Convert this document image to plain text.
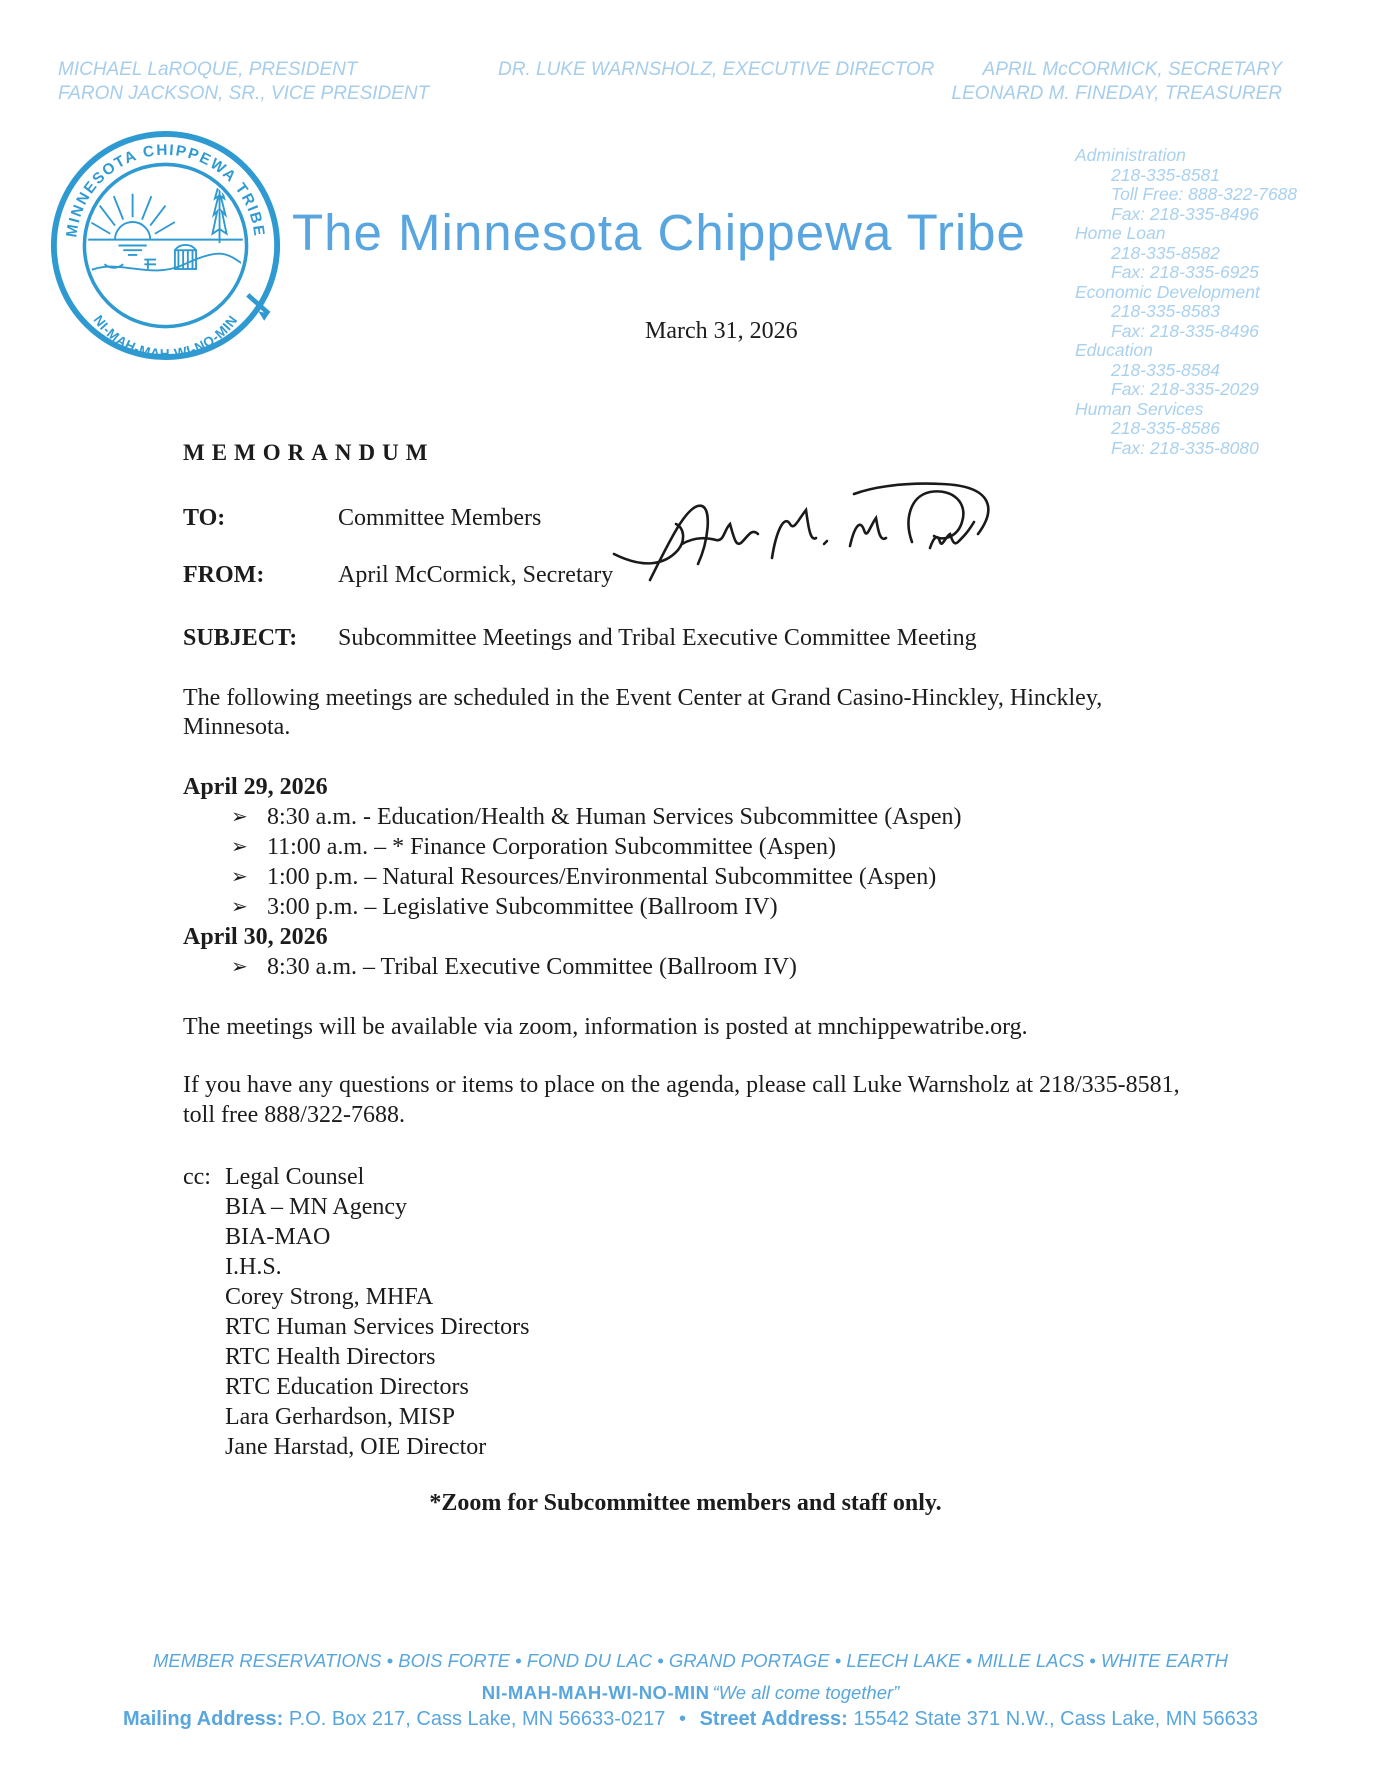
MICHAEL LaROQUE, PRESIDENT
FARON JACKSON, SR., VICE PRESIDENT
DR. LUKE WARNSHOLZ, EXECUTIVE DIRECTOR	APRIL McCORMICK, SECRETARY
LEONARD M. FINEDAY, TREASURER
MINNESOTA CHIPPEWA TRIBE
NI-MAH-MAH-WI-NO-MIN
The Minnesota Chippewa Tribe
March 31, 2026
Administration
218-335-8581
Toll Free: 888-322-7688
Fax: 218-335-8496
Home Loan
218-335-8582
Fax: 218-335-6925
Economic Development
218-335-8583
Fax: 218-335-8496
Education
218-335-8584
Fax: 218-335-2029
Human Services
218-335-8586
Fax: 218-335-8080
MEMORANDUM
TO:	Committee Members
FROM:	April McCormick, Secretary
SUBJECT:	Subcommittee Meetings and Tribal Executive Committee Meeting
The following meetings are scheduled in the Event Center at Grand Casino-Hinckley, Hinckley, Minnesota.
April 29, 2026
➢ 8:30 a.m. - Education/Health & Human Services Subcommittee (Aspen)
➢ 11:00 a.m. – * Finance Corporation Subcommittee (Aspen)
➢ 1:00 p.m. – Natural Resources/Environmental Subcommittee (Aspen)
➢ 3:00 p.m. – Legislative Subcommittee (Ballroom IV)
April 30, 2026
➢ 8:30 a.m. – Tribal Executive Committee (Ballroom IV)
The meetings will be available via zoom, information is posted at mnchippewatribe.org.
If you have any questions or items to place on the agenda, please call Luke Warnsholz at 218/335-8581, toll free 888/322-7688.
cc: Legal Counsel
BIA – MN Agency
BIA-MAO
I.H.S.
Corey Strong, MHFA
RTC Human Services Directors
RTC Health Directors
RTC Education Directors
Lara Gerhardson, MISP
Jane Harstad, OIE Director
*Zoom for Subcommittee members and staff only.
MEMBER RESERVATIONS • BOIS FORTE • FOND DU LAC • GRAND PORTAGE • LEECH LAKE • MILLE LACS • WHITE EARTH
NI-MAH-MAH-WI-NO-MIN “We all come together”
Mailing Address: P.O. Box 217, Cass Lake, MN 56633-0217 • Street Address: 15542 State 371 N.W., Cass Lake, MN 56633
